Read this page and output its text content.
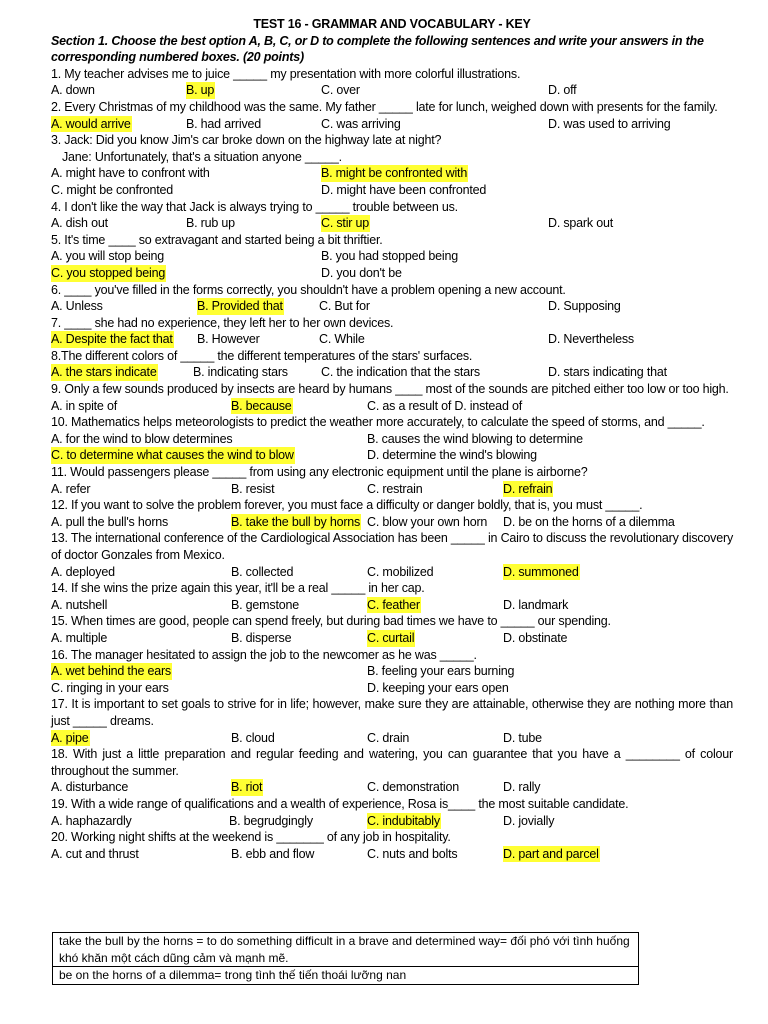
TEST 16 - GRAMMAR AND VOCABULARY - KEY
Section 1. Choose the best option A, B, C, or D to complete the following sentences and write your answers in the corresponding numbered boxes. (20 points)
1. My teacher advises me to juice _____ my presentation with more colorful illustrations.
A. down	B. up	C. over	D. off
2. Every Christmas of my childhood was the same. My father _____ late for lunch, weighed down with presents for the family.
A. would arrive	B. had arrived	C. was arriving	D. was used to arriving
3. Jack: Did you know Jim's car broke down on the highway late at night?
Jane: Unfortunately, that's a situation anyone _____.
A. might have to confront with	B. might be confronted with
C. might be confronted	D. might have been confronted
4. I don't like the way that Jack is always trying to _____ trouble between us.
A. dish out	B. rub up	C. stir up	D. spark out
5. It's time ____ so extravagant and started being a bit thriftier.
A. you will stop being	B. you had stopped being
C. you stopped being	D. you don't be
6. ____ you've filled in the forms correctly, you shouldn't have a problem opening a new account.
A. Unless	B. Provided that	C. But for	D. Supposing
7. ____ she had no experience, they left her to her own devices.
A. Despite the fact that B. However	C. While	D. Nevertheless
8.The different colors of _____ the different temperatures of the stars' surfaces.
A. the stars indicate	B. indicating stars	C. the indication that the stars	D. stars indicating that
9. Only a few sounds produced by insects are heard by humans ____ most of the sounds are pitched either too low or too high.
A. in spite of	B. because	C. as a result of D. instead of
10. Mathematics helps meteorologists to predict the weather more accurately, to calculate the speed of storms, and _____.
A. for the wind to blow determines	B. causes the wind blowing to determine
C. to determine what causes the wind to blow	D. determine the wind's blowing
11. Would passengers please _____ from using any electronic equipment until the plane is airborne?
A. refer	B. resist	C. restrain	D. refrain
12. If you want to solve the problem forever, you must face a difficulty or danger boldly, that is, you must _____.
A. pull the bull's horns	B. take the bull by horns C. blow your own horn D. be on the horns of a dilemma
13. The international conference of the Cardiological Association has been _____ in Cairo to discuss the revolutionary discovery of doctor Gonzales from Mexico.
A. deployed	B. collected	C. mobilized	D. summoned
14. If she wins the prize again this year, it'll be a real _____ in her cap.
A. nutshell	B. gemstone	C. feather	D. landmark
15. When times are good, people can spend freely, but during bad times we have to _____ our spending.
A. multiple	B. disperse	C. curtail	D. obstinate
16. The manager hesitated to assign the job to the newcomer as he was _____.
A. wet behind the ears	B. feeling your ears burning
C. ringing in your ears	D. keeping your ears open
17. It is important to set goals to strive for in life; however, make sure they are attainable, otherwise they are nothing more than just _____ dreams.
A. pipe	B. cloud	C. drain	D. tube
18. With just a little preparation and regular feeding and watering, you can guarantee that you have a ________ of colour throughout the summer.
A. disturbance	B. riot	C. demonstration	D. rally
19. With a wide range of qualifications and a wealth of experience, Rosa is____ the most suitable candidate.
A. haphazardly	B. begrudgingly	C. indubitably	D. jovially
20. Working night shifts at the weekend is _______ of any job in hospitality.
A. cut and thrust	B. ebb and flow	C. nuts and bolts	D. part and parcel
take the bull by the horns = to do something difficult in a brave and determined way= đối phó với tình huống khó khăn một cách dũng cảm và mạnh mẽ.
be on the horns of a dilemma= trong tình thế tiến thoái lưỡng nan
